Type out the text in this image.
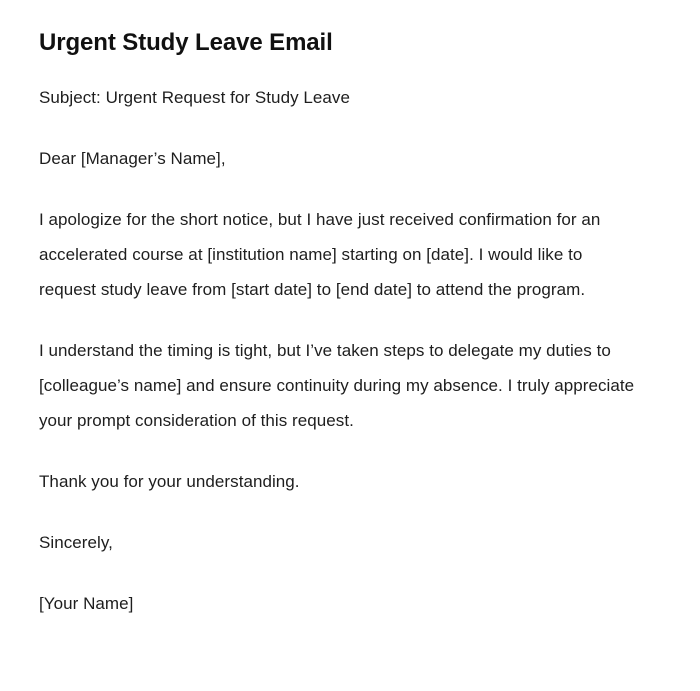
Urgent Study Leave Email

Subject: Urgent Request for Study Leave

Dear [Manager’s Name],

I apologize for the short notice, but I have just received confirmation for an accelerated course at [institution name] starting on [date]. I would like to request study leave from [start date] to [end date] to attend the program.

I understand the timing is tight, but I’ve taken steps to delegate my duties to [colleague’s name] and ensure continuity during my absence. I truly appreciate your prompt consideration of this request.

Thank you for your understanding.

Sincerely,

[Your Name]
